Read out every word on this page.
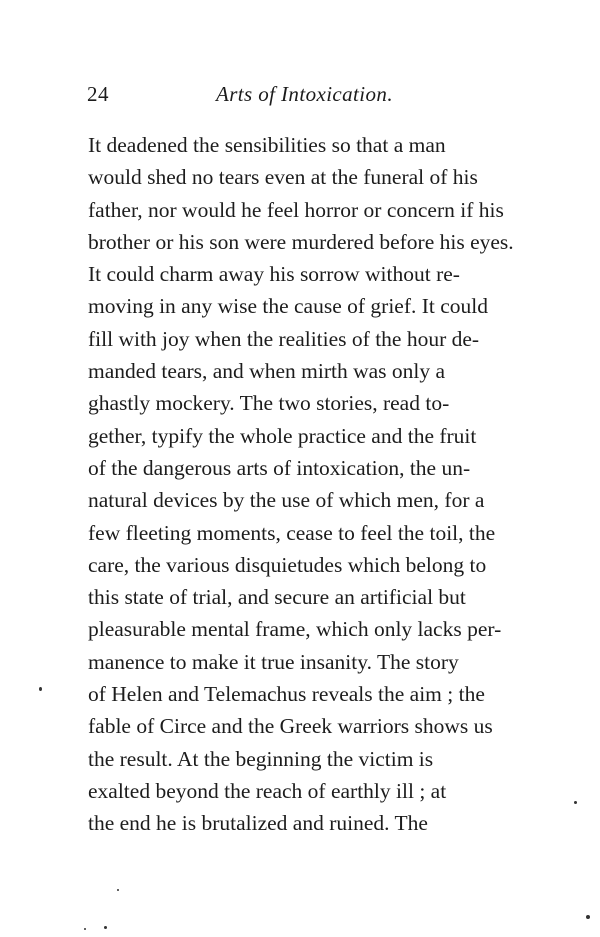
24	Arts of Intoxication.
It deadened the sensibilities so that a man
would shed no tears even at the funeral of his
father, nor would he feel horror or concern if his
brother or his son were murdered before his eyes.
It could charm away his sorrow without re-
moving in any wise the cause of grief. It could
fill with joy when the realities of the hour de-
manded tears, and when mirth was only a
ghastly mockery. The two stories, read to-
gether, typify the whole practice and the fruit
of the dangerous arts of intoxication, the un-
natural devices by the use of which men, for a
few fleeting moments, cease to feel the toil, the
care, the various disquietudes which belong to
this state of trial, and secure an artificial but
pleasurable mental frame, which only lacks per-
manence to make it true insanity. The story
of Helen and Telemachus reveals the aim ; the
fable of Circe and the Greek warriors shows us
the result. At the beginning the victim is
exalted beyond the reach of earthly ill ; at
the end he is brutalized and ruined. The
